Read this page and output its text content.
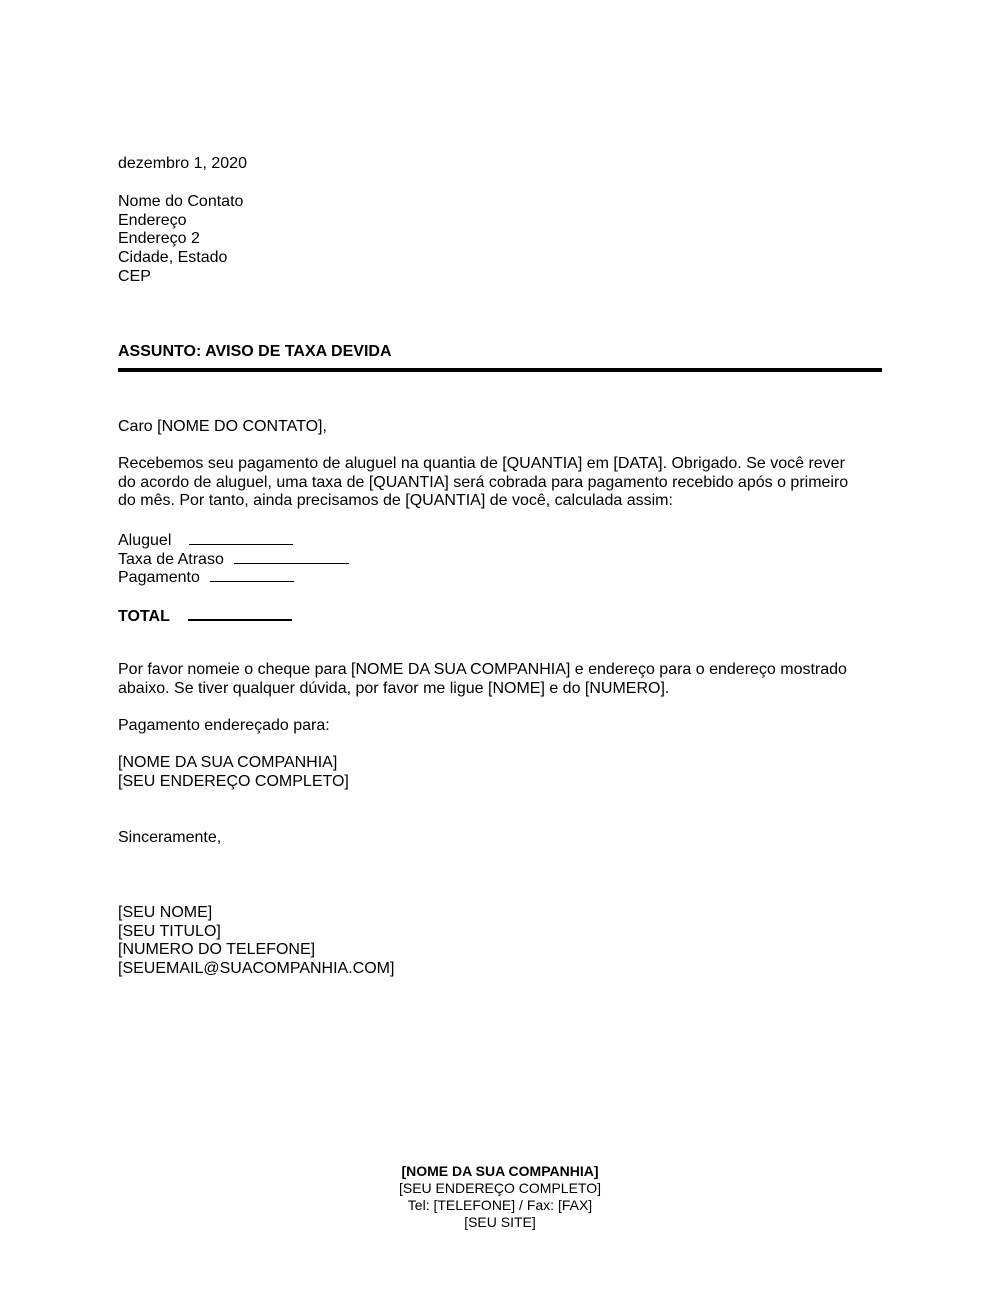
dezembro 1, 2020
Nome do Contato
Endereço
Endereço 2
Cidade, Estado
CEP
ASSUNTO: AVISO DE TAXA DEVIDA
Caro [NOME DO CONTATO],
Recebemos seu pagamento de aluguel na quantia de [QUANTIA] em [DATA]. Obrigado. Se você rever
do acordo de aluguel, uma taxa de [QUANTIA] será cobrada para pagamento recebido após o primeiro
do mês. Por tanto, ainda precisamos de [QUANTIA] de você, calculada assim:
Aluguel
Taxa de Atraso
Pagamento
TOTAL
Por favor nomeie o cheque para [NOME DA SUA COMPANHIA] e endereço para o endereço mostrado
abaixo. Se tiver qualquer dúvida, por favor me ligue [NOME] e do [NUMERO].
Pagamento endereçado para:
[NOME DA SUA COMPANHIA]
[SEU ENDEREÇO COMPLETO]
Sinceramente,
[SEU NOME]
[SEU TITULO]
[NUMERO DO TELEFONE]
[SEUEMAIL@SUACOMPANHIA.COM]
[NOME DA SUA COMPANHIA]
[SEU ENDEREÇO COMPLETO]
Tel: [TELEFONE] / Fax: [FAX]
[SEU SITE]
